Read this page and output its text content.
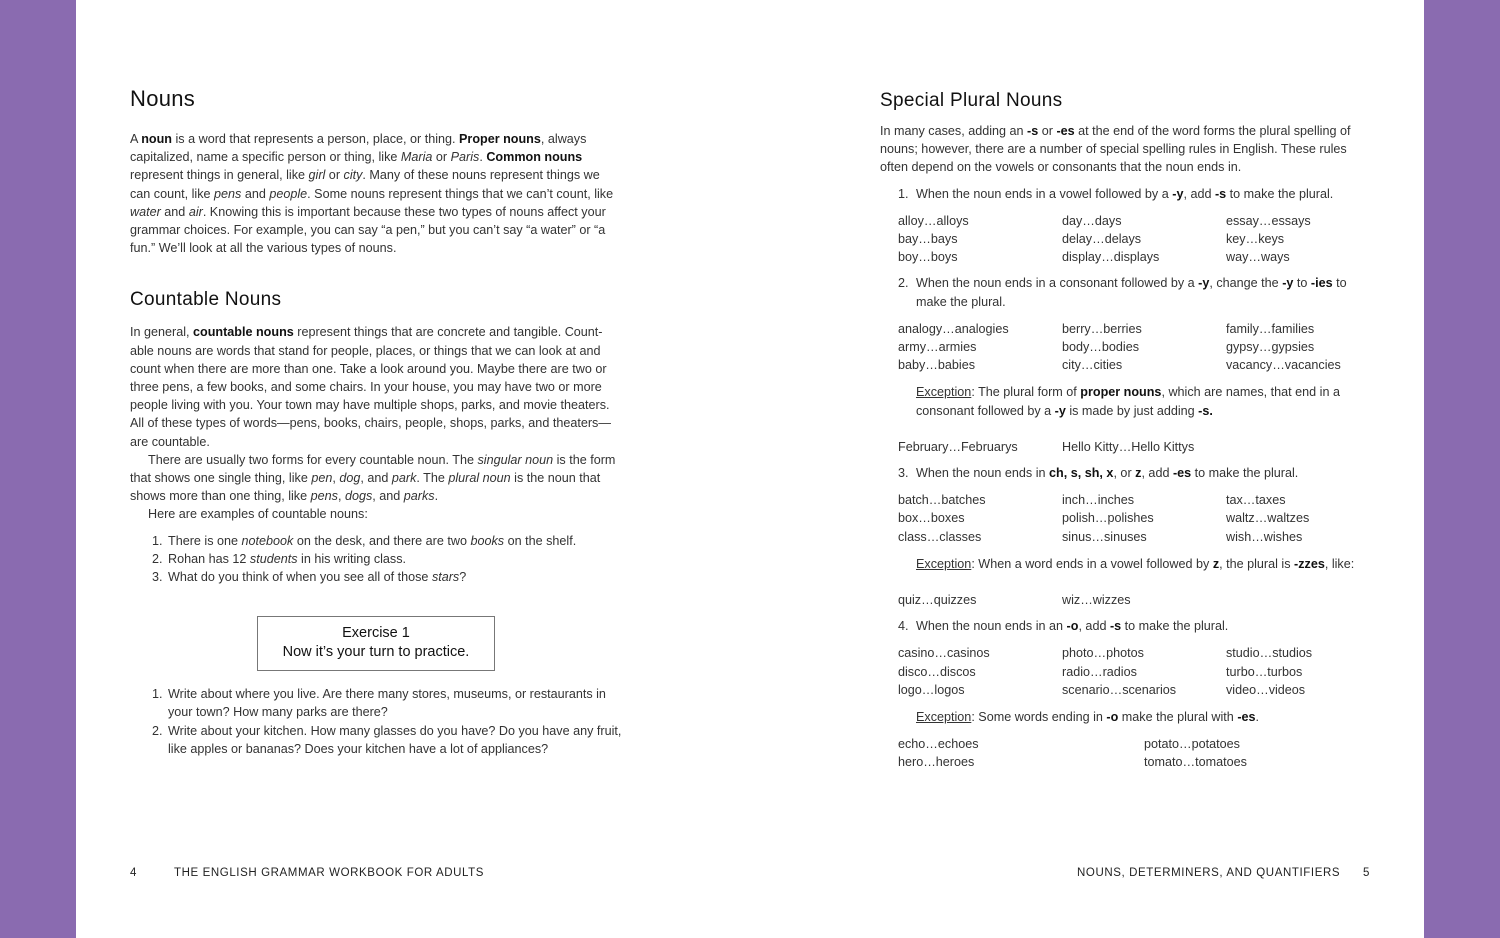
Nouns

A noun is a word that represents a person, place, or thing. Proper nouns, always capitalized, name a specific person or thing, like Maria or Paris. Common nouns represent things in general, like girl or city. Many of these nouns represent things we can count, like pens and people. Some nouns represent things that we can’t count, like water and air. Knowing this is important because these two types of nouns affect your grammar choices. For example, you can say “a pen,” but you can’t say “a water” or “a fun.” We’ll look at all the various types of nouns.

Countable Nouns

In general, countable nouns represent things that are concrete and tangible. Count-able nouns are words that stand for people, places, or things that we can look at and count when there are more than one. Take a look around you. Maybe there are two or three pens, a few books, and some chairs. In your house, you may have two or more people living with you. Your town may have multiple shops, parks, and movie theaters. All of these types of words—pens, books, chairs, people, shops, parks, and theaters—are countable.

There are usually two forms for every countable noun. The singular noun is the form that shows one single thing, like pen, dog, and park. The plural noun is the noun that shows more than one thing, like pens, dogs, and parks.

Here are examples of countable nouns:

1. There is one notebook on the desk, and there are two books on the shelf.
2. Rohan has 12 students in his writing class.
3. What do you think of when you see all of those stars?
Exercise 1
Now it’s your turn to practice.
1. Write about where you live. Are there many stores, museums, or restaurants in your town? How many parks are there?
2. Write about your kitchen. How many glasses do you have? Do you have any fruit, like apples or bananas? Does your kitchen have a lot of appliances?
4	THE ENGLISH GRAMMAR WORKBOOK FOR ADULTS
Special Plural Nouns

In many cases, adding an -s or -es at the end of the word forms the plural spelling of nouns; however, there are a number of special spelling rules in English. These rules often depend on the vowels or consonants that the noun ends in.

1. When the noun ends in a vowel followed by a -y, add -s to make the plural.
alloy…alloys	day…days	essay…essays
bay…bays	delay…delays	key…keys
boy…boys	display…displays	way…ways
2. When the noun ends in a consonant followed by a -y, change the -y to -ies to make the plural.
analogy…analogies	berry…berries	family…families
army…armies	body…bodies	gypsy…gypsies
baby…babies	city…cities	vacancy…vacancies
Exception: The plural form of proper nouns, which are names, that end in a consonant followed by a -y is made by just adding -s.
February…Februarys	Hello Kitty…Hello Kittys
3. When the noun ends in ch, s, sh, x, or z, add -es to make the plural.
batch…batches	inch…inches	tax…taxes
box…boxes	polish…polishes	waltz…waltzes
class…classes	sinus…sinuses	wish…wishes
Exception: When a word ends in a vowel followed by z, the plural is -zzes, like:
quiz…quizzes	wiz…wizzes
4. When the noun ends in an -o, add -s to make the plural.
casino…casinos	photo…photos	studio…studios
disco…discos	radio…radios	turbo…turbos
logo…logos	scenario…scenarios	video…videos
Exception: Some words ending in -o make the plural with -es.
echo…echoes	potato…potatoes
hero…heroes	tomato…tomatoes
NOUNS, DETERMINERS, AND QUANTIFIERS 5
